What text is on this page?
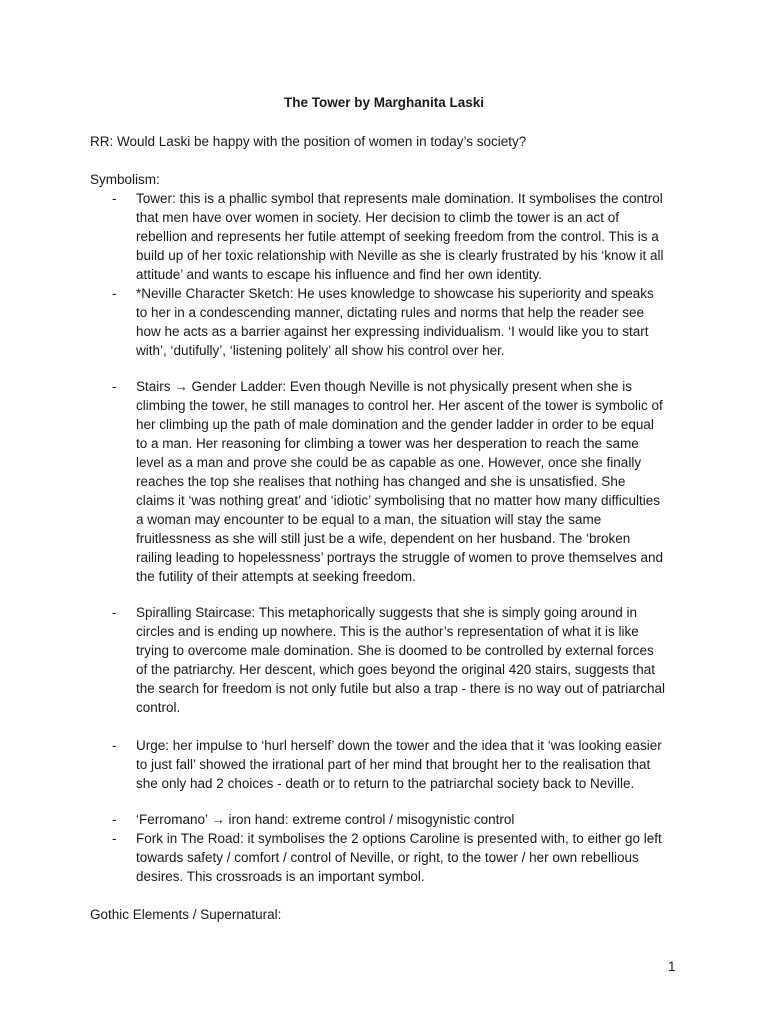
The Tower by Marghanita Laski
RR: Would Laski be happy with the position of women in today’s society?
Symbolism:
- Tower: this is a phallic symbol that represents male domination. It symbolises the control
that men have over women in society. Her decision to climb the tower is an act of
rebellion and represents her futile attempt of seeking freedom from the control. This is a
build up of her toxic relationship with Neville as she is clearly frustrated by his ‘know it all
attitude’ and wants to escape his influence and find her own identity.
- *Neville Character Sketch: He uses knowledge to showcase his superiority and speaks
to her in a condescending manner, dictating rules and norms that help the reader see
how he acts as a barrier against her expressing individualism. ‘I would like you to start
with’, ‘dutifully’, ‘listening politely’ all show his control over her.
- Stairs → Gender Ladder: Even though Neville is not physically present when she is
climbing the tower, he still manages to control her. Her ascent of the tower is symbolic of
her climbing up the path of male domination and the gender ladder in order to be equal
to a man. Her reasoning for climbing a tower was her desperation to reach the same
level as a man and prove she could be as capable as one. However, once she finally
reaches the top she realises that nothing has changed and she is unsatisfied. She
claims it ‘was nothing great’ and ‘idiotic’ symbolising that no matter how many difficulties
a woman may encounter to be equal to a man, the situation will stay the same
fruitlessness as she will still just be a wife, dependent on her husband. The ‘broken
railing leading to hopelessness’ portrays the struggle of women to prove themselves and
the futility of their attempts at seeking freedom.
- Spiralling Staircase: This metaphorically suggests that she is simply going around in
circles and is ending up nowhere. This is the author’s representation of what it is like
trying to overcome male domination. She is doomed to be controlled by external forces
of the patriarchy. Her descent, which goes beyond the original 420 stairs, suggests that
the search for freedom is not only futile but also a trap - there is no way out of patriarchal
control.
- Urge: her impulse to ‘hurl herself’ down the tower and the idea that it ‘was looking easier
to just fall’ showed the irrational part of her mind that brought her to the realisation that
she only had 2 choices - death or to return to the patriarchal society back to Neville.
- ‘Ferromano’ → iron hand: extreme control / misogynistic control
- Fork in The Road: it symbolises the 2 options Caroline is presented with, to either go left
towards safety / comfort / control of Neville, or right, to the tower / her own rebellious
desires. This crossroads is an important symbol.
Gothic Elements / Supernatural:
1
